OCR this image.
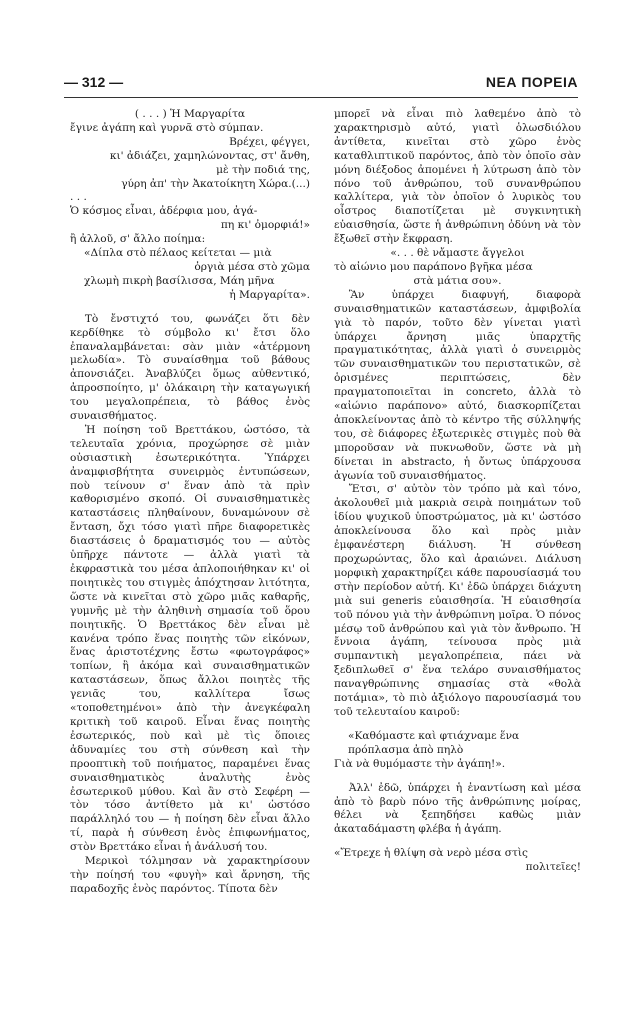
— 312 —	ΝΕΑ ΠΟΡΕΙΑ
( . . . ) Ἡ Μαργαρίτα
ἔγινε ἀγάπη καὶ γυρνᾶ στὸ σύμπαν.
Βρέχει, φέγγει,
κι' ἀδιάζει, χαμηλώνοντας, στ' ἄνθη,
μὲ τὴν ποδιά της,
γύρη ἀπ' τὴν Ἀκατοίκητη Χώρα.(...)
. . .
Ὁ κόσμος εἶναι, ἀδέρφια μου, ἀγά-
πη κι' ὀμορφιά!»
ἢ ἀλλοῦ, σ' ἄλλο ποίημα:
«Δίπλα στὸ πέλαος κείτεται — μιὰ
ὀργιὰ μέσα στὸ χῶμα
χλωμὴ πικρὴ βασίλισσα, Μάη μῆνα
ἡ Μαργαρίτα».

Τὸ ἔνστιχτό του, φωνάζει ὅτι δὲν κερδίθηκε τὸ σύμβολο κι' ἔτσι ὅλο ἐπαναλαμβάνεται: σὰν μιὰν «ἀτέρμονη μελωδία». Τὸ συναίσθημα τοῦ βάθους ἀπονσιάζει. Ἀναβλύζει ὅμως αὐθεντικό, ἀπροσποίητο, μ' ὁλάκαιρη τὴν καταγωγική του μεγαλοπρέπεια, τὸ βάθος ἑνὸς συναισθήματος.

Ἡ ποίηση τοῦ Βρεττάκου, ὡστόσο, τὰ τελευταῖα χρόνια, προχώρησε σὲ μιὰν οὐσιαστικὴ ἐσωτερικότητα. Ὑπάρχει ἀναμφισβήτητα συνειρμὸς ἐντυπώσεων, ποὺ τείνουν σ' ἕναν ἀπὸ τὰ πρὶν καθορισμένο σκοπό. Οἱ συναισθηματικὲς καταστάσεις πληθαίνουν, δυναμώνουν σὲ ἔνταση, ὄχι τόσο γιατὶ πῆρε διαφορετικὲς διαστάσεις ὁ δραματισμός του — αὐτὸς ὑπῆρχε πάντοτε — ἀλλὰ γιατὶ τὰ ἐκφραστικὰ του μέσα ἀπλοποιήθηκαν κι' οἱ ποιητικὲς του στιγμὲς ἀπόχτησαν λιτότητα, ὥστε νὰ κινεῖται στὸ χῶρο μιᾶς καθαρῆς, γυμνῆς μὲ τὴν ἀληθινὴ σημασία τοῦ ὅρου ποιητικῆς. Ὁ Βρεττάκος δὲν εἶναι μὲ κανένα τρόπο ἕνας ποιητὴς τῶν εἰκόνων, ἕνας ἀριστοτέχνης ἔστω «φωτογράφος» τοπίων, ἢ ἀκόμα καὶ συναισθηματικῶν καταστάσεων, ὅπως ἄλλοι ποιητὲς τῆς γενιᾶς του, καλλίτερα ἴσως «τοποθετημένοι» ἀπὸ τὴν ἀνεγκέφαλη κριτικὴ τοῦ καιροῦ. Εἶναι ἕνας ποιητὴς ἐσωτερικός, ποὺ καὶ μὲ τὶς ὅποιες ἀδυναμίες του στὴ σύνθεση καὶ τὴν προοπτικὴ τοῦ ποιήματος, παραμένει ἕνας συναισθηματικὸς ἀναλυτὴς ἑνὸς ἐσωτερικοῦ μύθου. Καὶ ἂν στὸ Σεφέρη — τὸν τόσο ἀντίθετο μὰ κι' ὡστόσο παράλληλό του — ἡ ποίηση δὲν εἶναι ἄλλο τί, παρὰ ἡ σύνθεση ἑνὸς ἐπιφωνήματος, στὸν Βρεττάκο εἶναι ἡ ἀνάλυσή του.

Μερικοὶ τόλμησαν νὰ χαρακτηρίσουν τὴν ποίησή του «φυγὴ» καὶ ἄρνηση, τῆς παραδοχῆς ἑνὸς παρόντος. Τίποτα δὲν

μπορεῖ νὰ εἶναι πιὸ λαθεμένο ἀπὸ τὸ χαρακτηρισμὸ αὐτό, γιατὶ ὁλωσδιόλου ἀντίθετα, κινεῖται στὸ χῶρο ἑνὸς καταθλιπτικοῦ παρόντος, ἀπὸ τὸν ὁποῖο σὰν μόνη διέξοδος ἀπομένει ἡ λύτρωση ἀπὸ τὸν πόνο τοῦ ἀνθρώπου, τοῦ συνανθρώπου καλλίτερα, γιὰ τὸν ὁποῖον ὁ λυρικὸς του οἶστρος διαποτίζεται μὲ συγκινητικὴ εὐαισθησία, ὥστε ἡ ἀνθρώπινη ὀδύνη νὰ τὸν ἔξωθεῖ στὴν ἔκφραση.

«. . . θὲ νἄμαστε ἄγγελοι
τὸ αἰώνιο μου παράπονο βγῆκα μέσα
στὰ μάτια σου».

Ἂν ὑπάρχει διαφυγή, διαφορὰ συναισθηματικῶν καταστάσεων, ἀμφιβολία γιὰ τὸ παρόν, τοῦτο δὲν γίνεται γιατὶ ὑπάρχει ἄρνηση μιᾶς ὑπαρχτῆς πραγματικότητας, ἀλλὰ γιατὶ ὁ συνειρμὸς τῶν συναισθηματικῶν του περιστατικῶν, σὲ ὁρισμένες περιπτώσεις, δὲν πραγματοποιεῖται in concreto, ἀλλὰ τὸ «αἰώνιο παράπονο» αὐτό, διασκορπίζεται ἀποκλείνοντας ἀπὸ τὸ κέντρο τῆς σύλληψής του, σὲ διάφορες ἐξωτερικὲς στιγμὲς ποὺ θὰ μποροῦσαν νὰ πυκνωθοῦν, ὥστε νὰ μὴ δίνεται in abstracto, ἡ ὄντως ὑπάρχουσα ἀγωνία τοῦ συναισθήματος.

Ἔτσι, σ' αὐτὸν τὸν τρόπο μὰ καὶ τόνο, ἀκολουθεῖ μιὰ μακριὰ σειρὰ ποιημάτων τοῦ ἰδίου ψυχικοῦ ὑποστρώματος, μὰ κι' ὡστόσο ἀποκλείνουσα ὅλο καὶ πρὸς μιὰν ἐμφανέστερη διάλυση. Ἡ σύνθεση προχωρώντας, ὅλο καὶ ἀραιώνει. Διάλυση μορφικὴ χαρακτηρίζει κάθε παρουσίασμά του στὴν περίοδον αὐτή. Κι' ἐδῶ ὑπάρχει διάχυτη μιὰ sui generis εὐαισθησία. Ἡ εὐαισθησία τοῦ πόνου γιὰ τὴν ἀνθρώπινη μοῖρα. Ὁ πόνος μέσῳ τοῦ ἀνθρώπου καὶ γιὰ τὸν ἄνθρωπο. Ἡ ἔννοια ἀγάπη, τείνουσα πρὸς μιὰ συμπαντικὴ μεγαλοπρέπεια, πάει νὰ ξεδιπλωθεῖ σ' ἕνα τελάρο συναισθήματος παναγθρώπινης σημασίας στὰ «θολὰ ποτάμια», τὸ πιὸ ἀξιόλογο παρουσίασμά του τοῦ τελευταίου καιροῦ:

«Καθόμαστε καὶ φτιάχναμε ἕνα πρόπλασμα ἀπὸ πηλὸ
Γιὰ νὰ θυμόμαστε τὴν ἀγάπη!».

Ἀλλ' ἐδῶ, ὑπάρχει ἡ ἐναντίωση καὶ μέσα ἀπὸ τὸ βαρὺ πόνο τῆς ἀνθρώπινης μοίρας, θέλει νὰ ξεπηδήσει καθὼς μιὰν ἀκαταδάμαστη φλέβα ἡ ἀγάπη.

«Ἔτρεχε ἡ θλίψη σὰ νερὸ μέσα στὶς
πολιτεῖες!
